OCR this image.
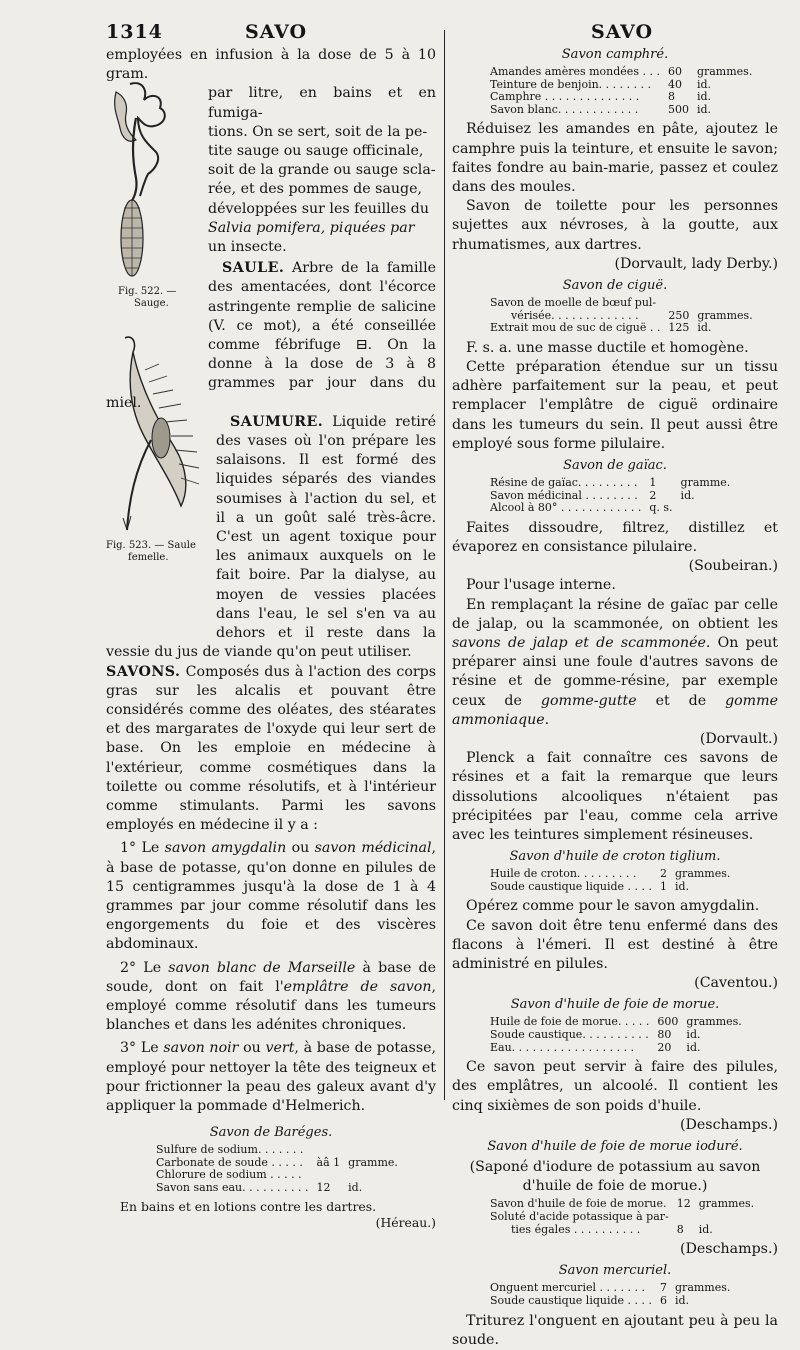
1314	SAVO	SAVO
Fig. 522. —
Sauge.
Fig. 523. — Saule
femelle.

employées en infusion à la dose de 5 à 10 gram.

par litre, en bains et en fumiga-

tions. On se sert, soit de la pe-

tite sauge ou sauge officinale,

soit de la grande ou sauge scla-

rée, et des pommes de sauge,

développées sur les feuilles du

Salvia pomifera, piquées par

un insecte.

SAULE. Arbre de la famille des amentacées, dont l'écorce astringente remplie de salicine (V. ce mot), a été conseillée comme fébrifuge ⊟. On la donne à la dose de 3 à 8 grammes par jour dans du miel.

SAUMURE. Liquide retiré des vases où l'on prépare les salaisons. Il est formé des liquides séparés des viandes soumises à l'action du sel, et il a un goût salé très-âcre. C'est un agent toxique pour les animaux auxquels on le fait boire. Par la dialyse, au moyen de vessies placées dans l'eau, le sel s'en va au dehors et il reste dans la vessie du jus de viande qu'on peut utiliser.

SAVONS. Composés dus à l'action des corps gras sur les alcalis et pouvant être considérés comme des oléates, des stéarates et des margarates de l'oxyde qui leur sert de base. On les emploie en médecine à l'extérieur, comme cosmétiques dans la toilette ou comme résolutifs, et à l'intérieur comme stimulants. Parmi les savons employés en médecine il y a :

1° Le savon amygdalin ou savon médicinal, à base de potasse, qu'on donne en pilules de 15 centigrammes jusqu'à la dose de 1 à 4 grammes par jour comme résolutif dans les engorgements du foie et des viscères abdominaux.

2° Le savon blanc de Marseille à base de soude, dont on fait l'emplâtre de savon, employé comme résolutif dans les tumeurs blanches et dans les adénites chroniques.

3° Le savon noir ou vert, à base de potasse, employé pour nettoyer la tête des teigneux et pour frictionner la peau des galeux avant d'y appliquer la pommade d'Helmerich.

Savon de Baréges.
Sulfure de sodium. . . . . . .		
Carbonate de soude . . . . .	àâ 1	gramme.
Chlorure de sodium . . . . .		
Savon sans eau. . . . . . . . . .	12	id.

En bains et en lotions contre les dartres.

(Héreau.)

Savon camphré.
Amandes amères mondées . . .	60	grammes.
Teinture de benjoin. . . . . . . .	40	id.
Camphre . . . . . . . . . . . . . .	8	id.
Savon blanc. . . . . . . . . . . .	500	id.

Réduisez les amandes en pâte, ajoutez le camphre puis la teinture, et ensuite le savon; faites fondre au bain-marie, passez et coulez dans des moules.

Savon de toilette pour les personnes sujettes aux névroses, à la goutte, aux rhumatismes, aux dartres.

(Dorvault, lady Derby.)

Savon de ciguë.
Savon de moelle de bœuf pul-		
vérisée. . . . . . . . . . . . .	250	grammes.
Extrait mou de suc de ciguë . .	125	id.

F. s. a. une masse ductile et homogène.

Cette préparation étendue sur un tissu adhère parfaitement sur la peau, et peut remplacer l'emplâtre de ciguë ordinaire dans les tumeurs du sein. Il peut aussi être employé sous forme pilulaire.

Savon de gaïac.
Résine de gaïac. . . . . . . . .	1	gramme.
Savon médicinal . . . . . . . .	2	id.
Alcool à 80° . . . . . . . . . . . .	q. s.	

Faites dissoudre, filtrez, distillez et évaporez en consistance pilulaire.

(Soubeiran.)

Pour l'usage interne.

En remplaçant la résine de gaïac par celle de jalap, ou la scammonée, on obtient les savons de jalap et de scammonée. On peut préparer ainsi une foule d'autres savons de résine et de gomme-résine, par exemple ceux de gomme-gutte et de gomme ammoniaque.

(Dorvault.)

Plenck a fait connaître ces savons de résines et a fait la remarque que leurs dissolutions alcooliques n'étaient pas précipitées par l'eau, comme cela arrive avec les teintures simplement résineuses.

Savon d'huile de croton tiglium.
Huile de croton. . . . . . . . .	2	grammes.
Soude caustique liquide . . . .	1	id.

Opérez comme pour le savon amygdalin.

Ce savon doit être tenu enfermé dans des flacons à l'émeri. Il est destiné à être administré en pilules.

(Caventou.)

Savon d'huile de foie de morue.
Huile de foie de morue. . . . .	600	grammes.
Soude caustique. . . . . . . . . .	80	id.
Eau. . . . . . . . . . . . . . . . . .	20	id.

Ce savon peut servir à faire des pilules, des emplâtres, un alcoolé. Il contient les cinq sixièmes de son poids d'huile.

(Deschamps.)

Savon d'huile de foie de morue ioduré.

(Saponé d'iodure de potassium au savon d'huile de foie de morue.)

Savon d'huile de foie de morue.	12	grammes.
Soluté d'acide potassique à par-		
ties égales . . . . . . . . . .	8	id.

(Deschamps.)

Savon mercuriel.
Onguent mercuriel . . . . . . .	7	grammes.
Soude caustique liquide . . . .	6	id.

Triturez l'onguent en ajoutant peu à peu la soude.
